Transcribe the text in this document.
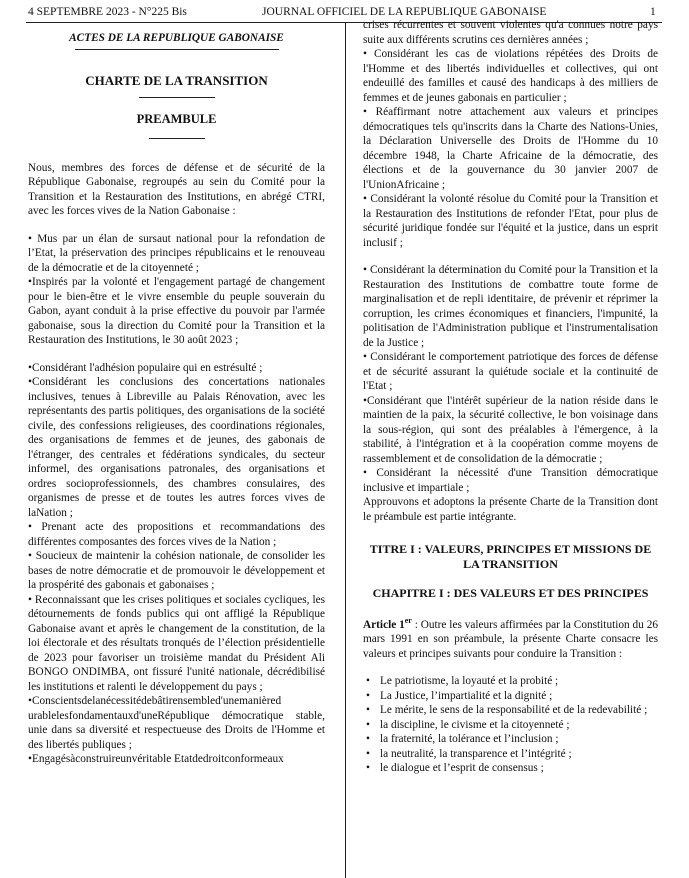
4 SEPTEMBRE 2023 - N°225 Bis	JOURNAL OFFICIEL DE LA REPUBLIQUE GABONAISE	1
ACTES DE LA REPUBLIQUE GABONAISE
CHARTE DE LA TRANSITION
PREAMBULE

Nous, membres des forces de défense et de sécurité de la République Gabonaise, regroupés au sein du Comité pour la Transition et la Restauration des Institutions, en abrégé CTRI, avec les forces vives de la Nation Gabonaise :

• Mus par un élan de sursaut national pour la refondation de l’Etat, la préservation des principes républicains et le renouveau de la démocratie et de la citoyenneté ;

•Inspirés par la volonté et l'engagement partagé de changement pour le bien-être et le vivre ensemble du peuple souverain du Gabon, ayant conduit à la prise effective du pouvoir par l'armée gabonaise, sous la direction du Comité pour la Transition et la Restauration des Institutions, le 30 août 2023 ;

•Considérant l'adhésion populaire qui en estrésulté ;

•Considérant les conclusions des concertations nationales inclusives, tenues à Libreville au Palais Rénovation, avec les représentants des partis politiques, des organisations de la société civile, des confessions religieuses, des coordinations régionales, des organisations de femmes et de jeunes, des gabonais de l'étranger, des centrales et fédérations syndicales, du secteur informel, des organisations patronales, des organisations et ordres socioprofessionnels, des chambres consulaires, des organismes de presse et de toutes les autres forces vives de laNation ;

• Prenant acte des propositions et recommandations des différentes composantes des forces vives de la Nation ;

• Soucieux de maintenir la cohésion nationale, de consolider les bases de notre démocratie et de promouvoir le développement et la prospérité des gabonais et gabonaises ;

• Reconnaissant que les crises politiques et sociales cycliques, les détournements de fonds publics qui ont affligé la République Gabonaise avant et après le changement de la constitution, de la loi électorale et des résultats tronqués de l’élection présidentielle de 2023 pour favoriser un troisième mandat du Président Ali BONGO ONDIMBA, ont fissuré l'unité nationale, décrédibilisé les institutions et ralenti le développement du pays ;

•Conscientsdelanécessitédebâtirensembled'unemanièred urablelesfondamentauxd'uneRépublique démocratique stable, unie dans sa diversité et respectueuse des Droits de l'Homme et des libertés publiques ;

•Engagésàconstruireunvéritable Etatdedroitconformeaux

crises récurrentes et souvent violentes qu'a connues notre pays suite aux différents scrutins ces dernières années ;

• Considérant les cas de violations répétées des Droits de l'Homme et des libertés individuelles et collectives, qui ont endeuillé des familles et causé des handicaps à des milliers de femmes et de jeunes gabonais en particulier ;

• Réaffirmant notre attachement aux valeurs et principes démocratiques tels qu'inscrits dans la Charte des Nations-Unies, la Déclaration Universelle des Droits de l'Homme du 10 décembre 1948, la Charte Africaine de la démocratie, des élections et de la gouvernance du 30 janvier 2007 de l'UnionAfricaine ;

• Considérant la volonté résolue du Comité pour la Transition et la Restauration des Institutions de refonder l'Etat, pour plus de sécurité juridique fondée sur l'équité et la justice, dans un esprit inclusif ;

• Considérant la détermination du Comité pour la Transition et la Restauration des Institutions de combattre toute forme de marginalisation et de repli identitaire, de prévenir et réprimer la corruption, les crimes économiques et financiers, l'impunité, la politisation de l'Administration publique et l'instrumentalisation de la Justice ;

• Considérant le comportement patriotique des forces de défense et de sécurité assurant la quiétude sociale et la continuité de l'Etat ;

•Considérant que l'intérêt supérieur de la nation réside dans le maintien de la paix, la sécurité collective, le bon voisinage dans la sous-région, qui sont des préalables à l'émergence, à la stabilité, à l'intégration et à la coopération comme moyens de rassemblement et de consolidation de la démocratie ;

• Considérant la nécessité d'une Transition démocratique inclusive et impartiale ;

Approuvons et adoptons la présente Charte de la Transition dont le préambule est partie intégrante.

TITRE I : VALEURS, PRINCIPES ET MISSIONS DE LA TRANSITION
CHAPITRE I : DES VALEURS ET DES PRINCIPES

Article 1er : Outre les valeurs affirmées par la Constitution du 26 mars 1991 en son préambule, la présente Charte consacre les valeurs et principes suivants pour conduire la Transition :

• Le patriotisme, la loyauté et la probité ;
• La Justice, l’impartialité et la dignité ;
• Le mérite, le sens de la responsabilité et de la redevabilité ;
• la discipline, le civisme et la citoyenneté ;
• la fraternité, la tolérance et l’inclusion ;
• la neutralité, la transparence et l’intégrité ;
• le dialogue et l’esprit de consensus ;
